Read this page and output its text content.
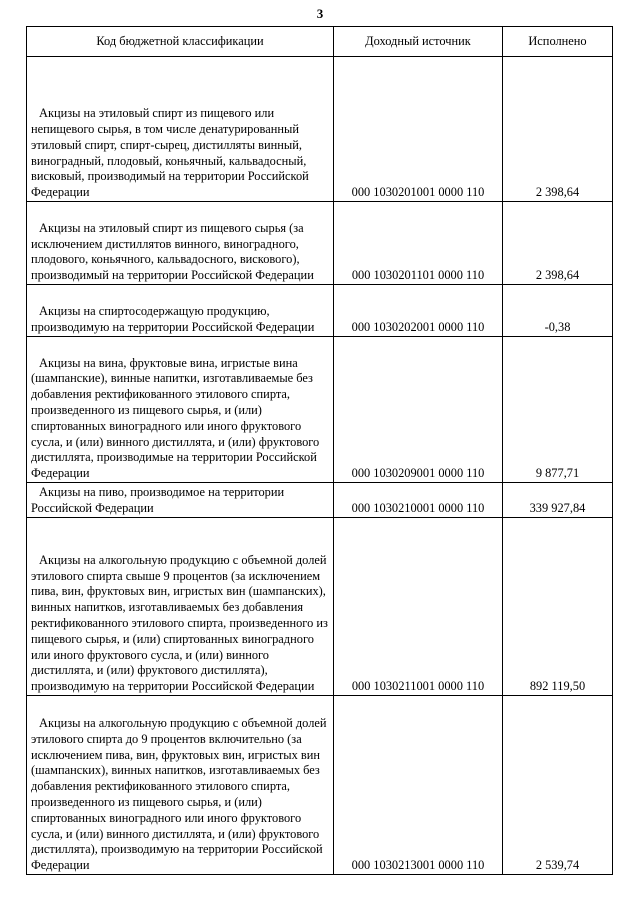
3
Код бюджетной классификации	Доходный источник	Исполнено

Акцизы на этиловый спирт из пищевого или непищевого сырья, в том числе денатурированный этиловый спирт, спирт-сырец, дистилляты винный, виноградный, плодовый, коньячный, кальвадосный, висковый, производимый на территории Российской Федерации	000 1030201001 0000 110	2 398,64

Акцизы на этиловый спирт из пищевого сырья (за исключением дистиллятов винного, виноградного, плодового, коньячного, кальвадосного, вискового), производимый на территории Российской Федерации	000 1030201101 0000 110	2 398,64

Акцизы на спиртосодержащую продукцию, производимую на территории Российской Федерации	000 1030202001 0000 110	-0,38

Акцизы на вина, фруктовые вина, игристые вина (шампанские), винные напитки, изготавливаемые без добавления ректификованного этилового спирта, произведенного из пищевого сырья, и (или) спиртованных виноградного или иного фруктового сусла, и (или) винного дистиллята, и (или) фруктового дистиллята, производимые на территории Российской Федерации	000 1030209001 0000 110	9 877,71

Акцизы на пиво, производимое на территории Российской Федерации	000 1030210001 0000 110	339 927,84

Акцизы на алкогольную продукцию с объемной долей этилового спирта свыше 9 процентов (за исключением пива, вин, фруктовых вин, игристых вин (шампанских), винных напитков, изготавливаемых без добавления ректификованного этилового спирта, произведенного из пищевого сырья, и (или) спиртованных виноградного или иного фруктового сусла, и (или) винного дистиллята, и (или) фруктового дистиллята), производимую на территории Российской Федерации	000 1030211001 0000 110	892 119,50

Акцизы на алкогольную продукцию с объемной долей этилового спирта до 9 процентов включительно (за исключением пива, вин, фруктовых вин, игристых вин (шампанских), винных напитков, изготавливаемых без добавления ректификованного этилового спирта, произведенного из пищевого сырья, и (или) спиртованных виноградного или иного фруктового сусла, и (или) винного дистиллята, и (или) фруктового дистиллята), производимую на территории Российской Федерации	000 1030213001 0000 110	2 539,74
